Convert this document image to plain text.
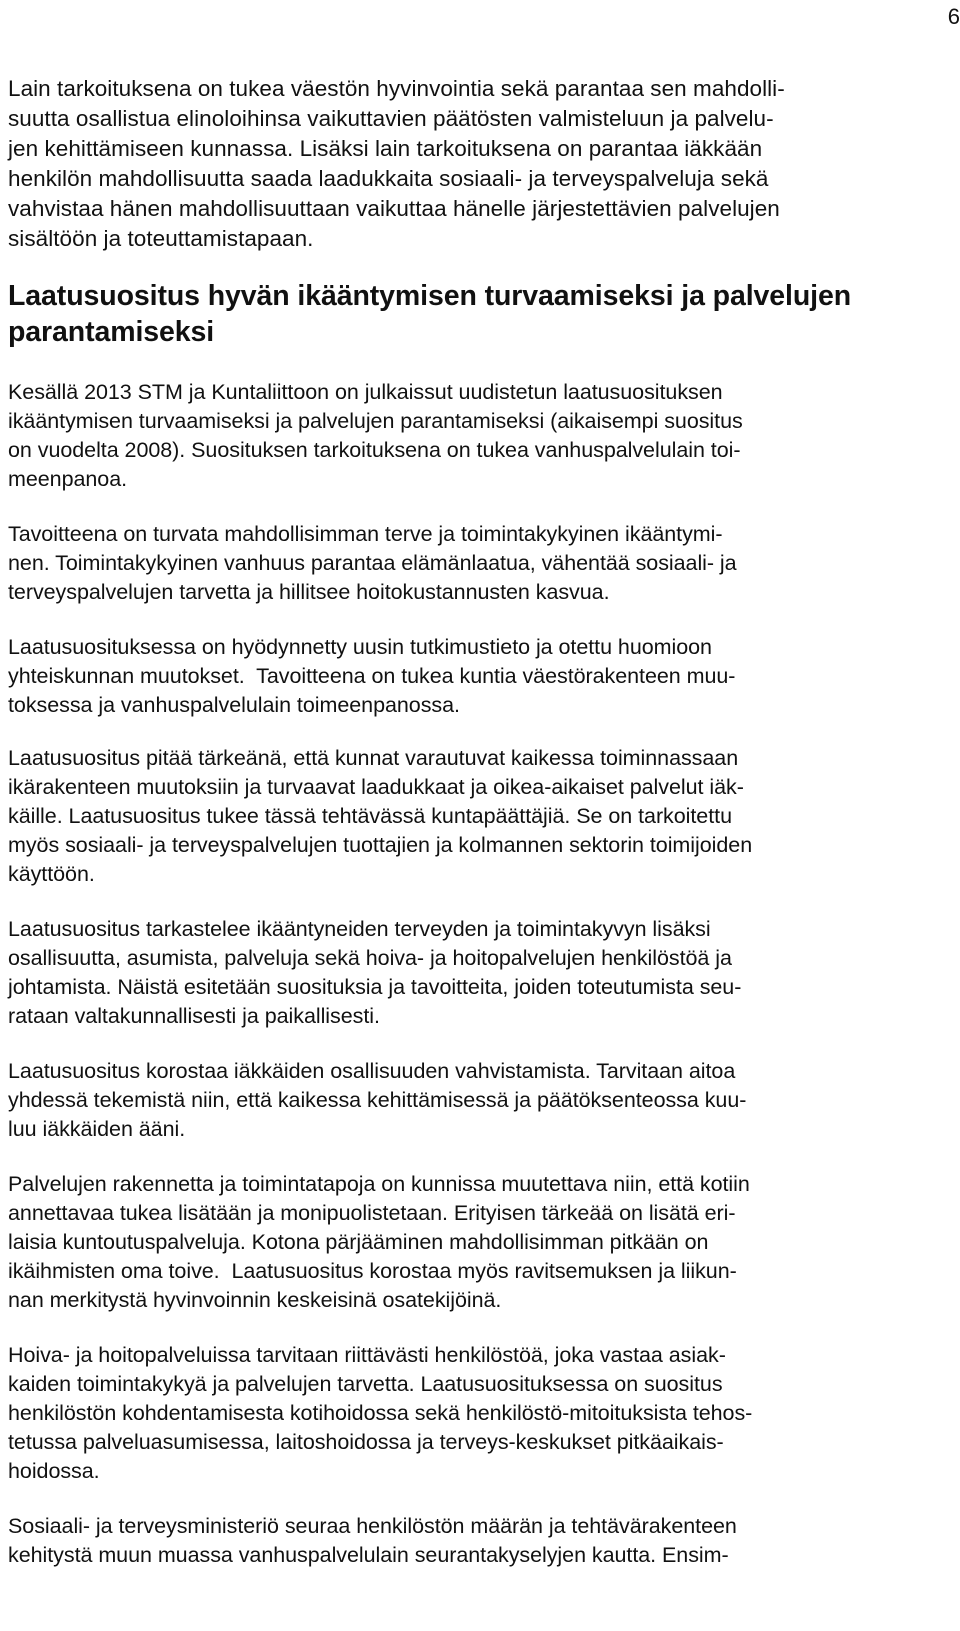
6

Lain tarkoituksena on tukea väestön hyvinvointia sekä parantaa sen mahdolli-
suutta osallistua elinoloihinsa vaikuttavien päätösten valmisteluun ja palvelu-
jen kehittämiseen kunnassa. Lisäksi lain tarkoituksena on parantaa iäkkään
henkilön mahdollisuutta saada laadukkaita sosiaali- ja terveyspalveluja sekä
vahvistaa hänen mahdollisuuttaan vaikuttaa hänelle järjestettävien palvelujen
sisältöön ja toteuttamistapaan.

Laatusuositus hyvän ikääntymisen turvaamiseksi ja palvelujen
parantamiseksi

Kesällä 2013 STM ja Kuntaliittoon on julkaissut uudistetun laatusuosituksen
ikääntymisen turvaamiseksi ja palvelujen parantamiseksi (aikaisempi suositus
on vuodelta 2008). Suosituksen tarkoituksena on tukea vanhuspalvelulain toi-
meenpanoa.

Tavoitteena on turvata mahdollisimman terve ja toimintakykyinen ikääntymi-
nen. Toimintakykyinen vanhuus parantaa elämänlaatua, vähentää sosiaali- ja
terveyspalvelujen tarvetta ja hillitsee hoitokustannusten kasvua.

Laatusuosituksessa on hyödynnetty uusin tutkimustieto ja otettu huomioon
yhteiskunnan muutokset.  Tavoitteena on tukea kuntia väestörakenteen muu-
toksessa ja vanhuspalvelulain toimeenpanossa.

Laatusuositus pitää tärkeänä, että kunnat varautuvat kaikessa toiminnassaan
ikärakenteen muutoksiin ja turvaavat laadukkaat ja oikea-aikaiset palvelut iäk-
käille. Laatusuositus tukee tässä tehtävässä kuntapäättäjiä. Se on tarkoitettu
myös sosiaali- ja terveyspalvelujen tuottajien ja kolmannen sektorin toimijoiden
käyttöön.

Laatusuositus tarkastelee ikääntyneiden terveyden ja toimintakyvyn lisäksi
osallisuutta, asumista, palveluja sekä hoiva- ja hoitopalvelujen henkilöstöä ja
johtamista. Näistä esitetään suosituksia ja tavoitteita, joiden toteutumista seu-
rataan valtakunnallisesti ja paikallisesti.

Laatusuositus korostaa iäkkäiden osallisuuden vahvistamista. Tarvitaan aitoa
yhdessä tekemistä niin, että kaikessa kehittämisessä ja päätöksenteossa kuu-
luu iäkkäiden ääni.

Palvelujen rakennetta ja toimintatapoja on kunnissa muutettava niin, että kotiin
annettavaa tukea lisätään ja monipuolistetaan. Erityisen tärkeää on lisätä eri-
laisia kuntoutuspalveluja. Kotona pärjääminen mahdollisimman pitkään on
ikäihmisten oma toive.  Laatusuositus korostaa myös ravitsemuksen ja liikun-
nan merkitystä hyvinvoinnin keskeisinä osatekijöinä.

Hoiva- ja hoitopalveluissa tarvitaan riittävästi henkilöstöä, joka vastaa asiak-
kaiden toimintakykyä ja palvelujen tarvetta. Laatusuosituksessa on suositus
henkilöstön kohdentamisesta kotihoidossa sekä henkilöstö-mitoituksista tehos-
tetussa palveluasumisessa, laitoshoidossa ja terveys-keskukset pitkäaikais-
hoidossa.

Sosiaali- ja terveysministeriö seuraa henkilöstön määrän ja tehtävärakenteen
kehitystä muun muassa vanhuspalvelulain seurantakyselyjen kautta. Ensim-
